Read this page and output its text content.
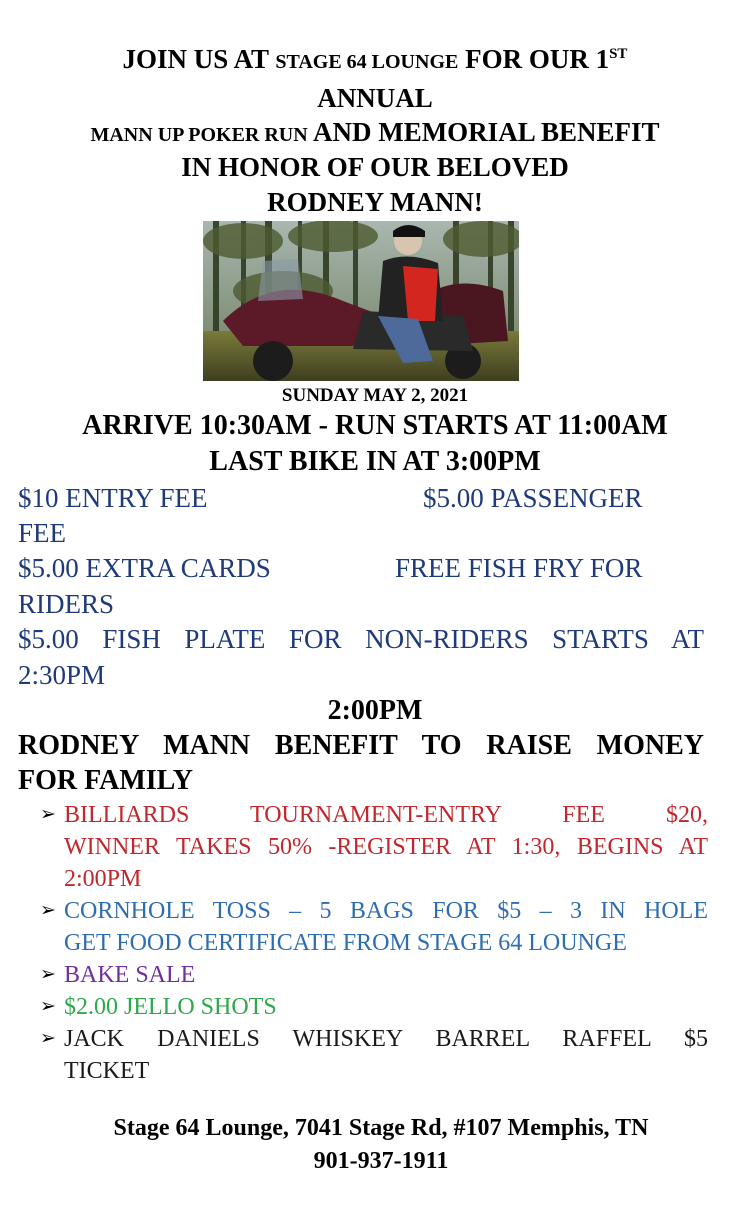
JOIN US AT STAGE 64 LOUNGE FOR OUR 1ST
ANNUAL
MANN UP POKER RUN AND MEMORIAL BENEFIT
IN HONOR OF OUR BELOVED
RODNEY MANN!
SUNDAY MAY 2, 2021
ARRIVE 10:30AM - RUN STARTS AT 11:00AM
LAST BIKE IN AT 3:00PM
$10 ENTRY FEE	$5.00 PASSENGER
FEE
$5.00 EXTRA CARDS	FREE FISH FRY FOR
RIDERS
$5.00 FISH PLATE FOR NON-RIDERS STARTS AT
2:30PM
2:00PM
RODNEY MANN BENEFIT TO RAISE MONEY
FOR FAMILY
➢ BILLIARDS TOURNAMENT-ENTRY FEE $20,
WINNER TAKES 50% -REGISTER AT 1:30, BEGINS AT
2:00PM
➢ CORNHOLE TOSS – 5 BAGS FOR $5 – 3 IN HOLE
GET FOOD CERTIFICATE FROM STAGE 64 LOUNGE
➢ BAKE SALE
➢ $2.00 JELLO SHOTS
➢ JACK DANIELS WHISKEY BARREL RAFFEL $5
TICKET
Stage 64 Lounge, 7041 Stage Rd, #107 Memphis, TN
901-937-1911
